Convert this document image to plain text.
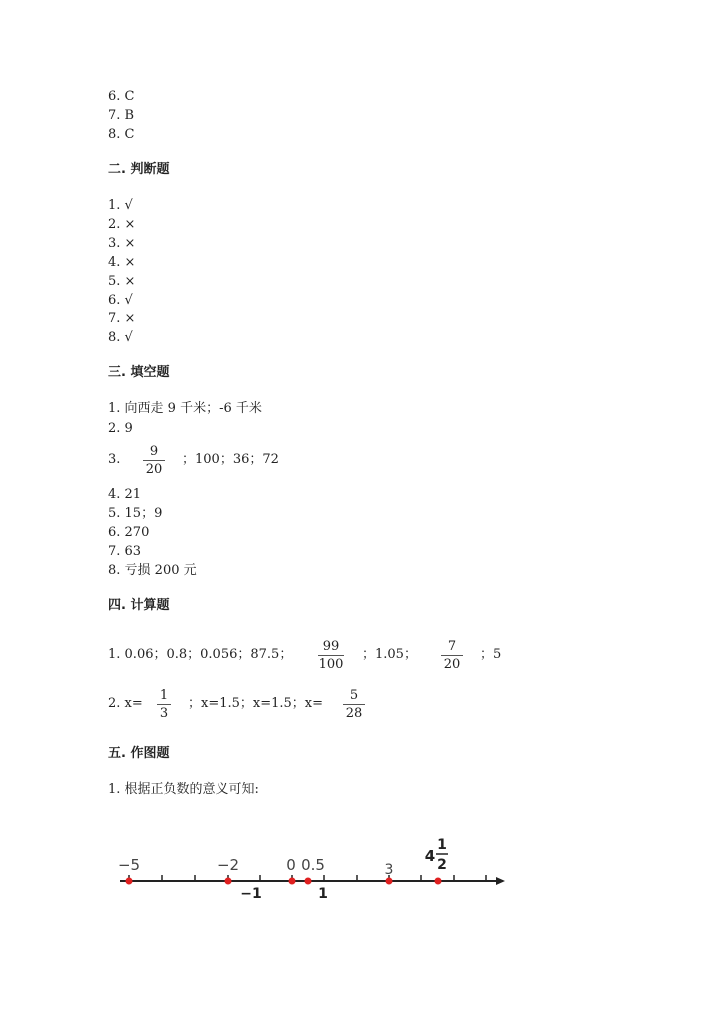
6. C
7. B
8. C
二. 判断题
1. √
2. ×
3. ×
4. ×
5. ×
6. √
7. ×
8. √
三. 填空题
1. 向西走 9 千米；-6 千米
2. 9
3.
9
20
；100；36；72
4. 21
5. 15；9
6. 270
7. 63
8. 亏损 200 元
四. 计算题
1. 0.06；0.8；0.056；87.5；
99
100
；1.05；
7
20
；5
2. x=
1
3
；x=1.5；x=1.5；x=
5
28
五. 作图题
1. 根据正负数的意义可知:
−5	−2	0 0.5	3
4
1
2
−1	1
